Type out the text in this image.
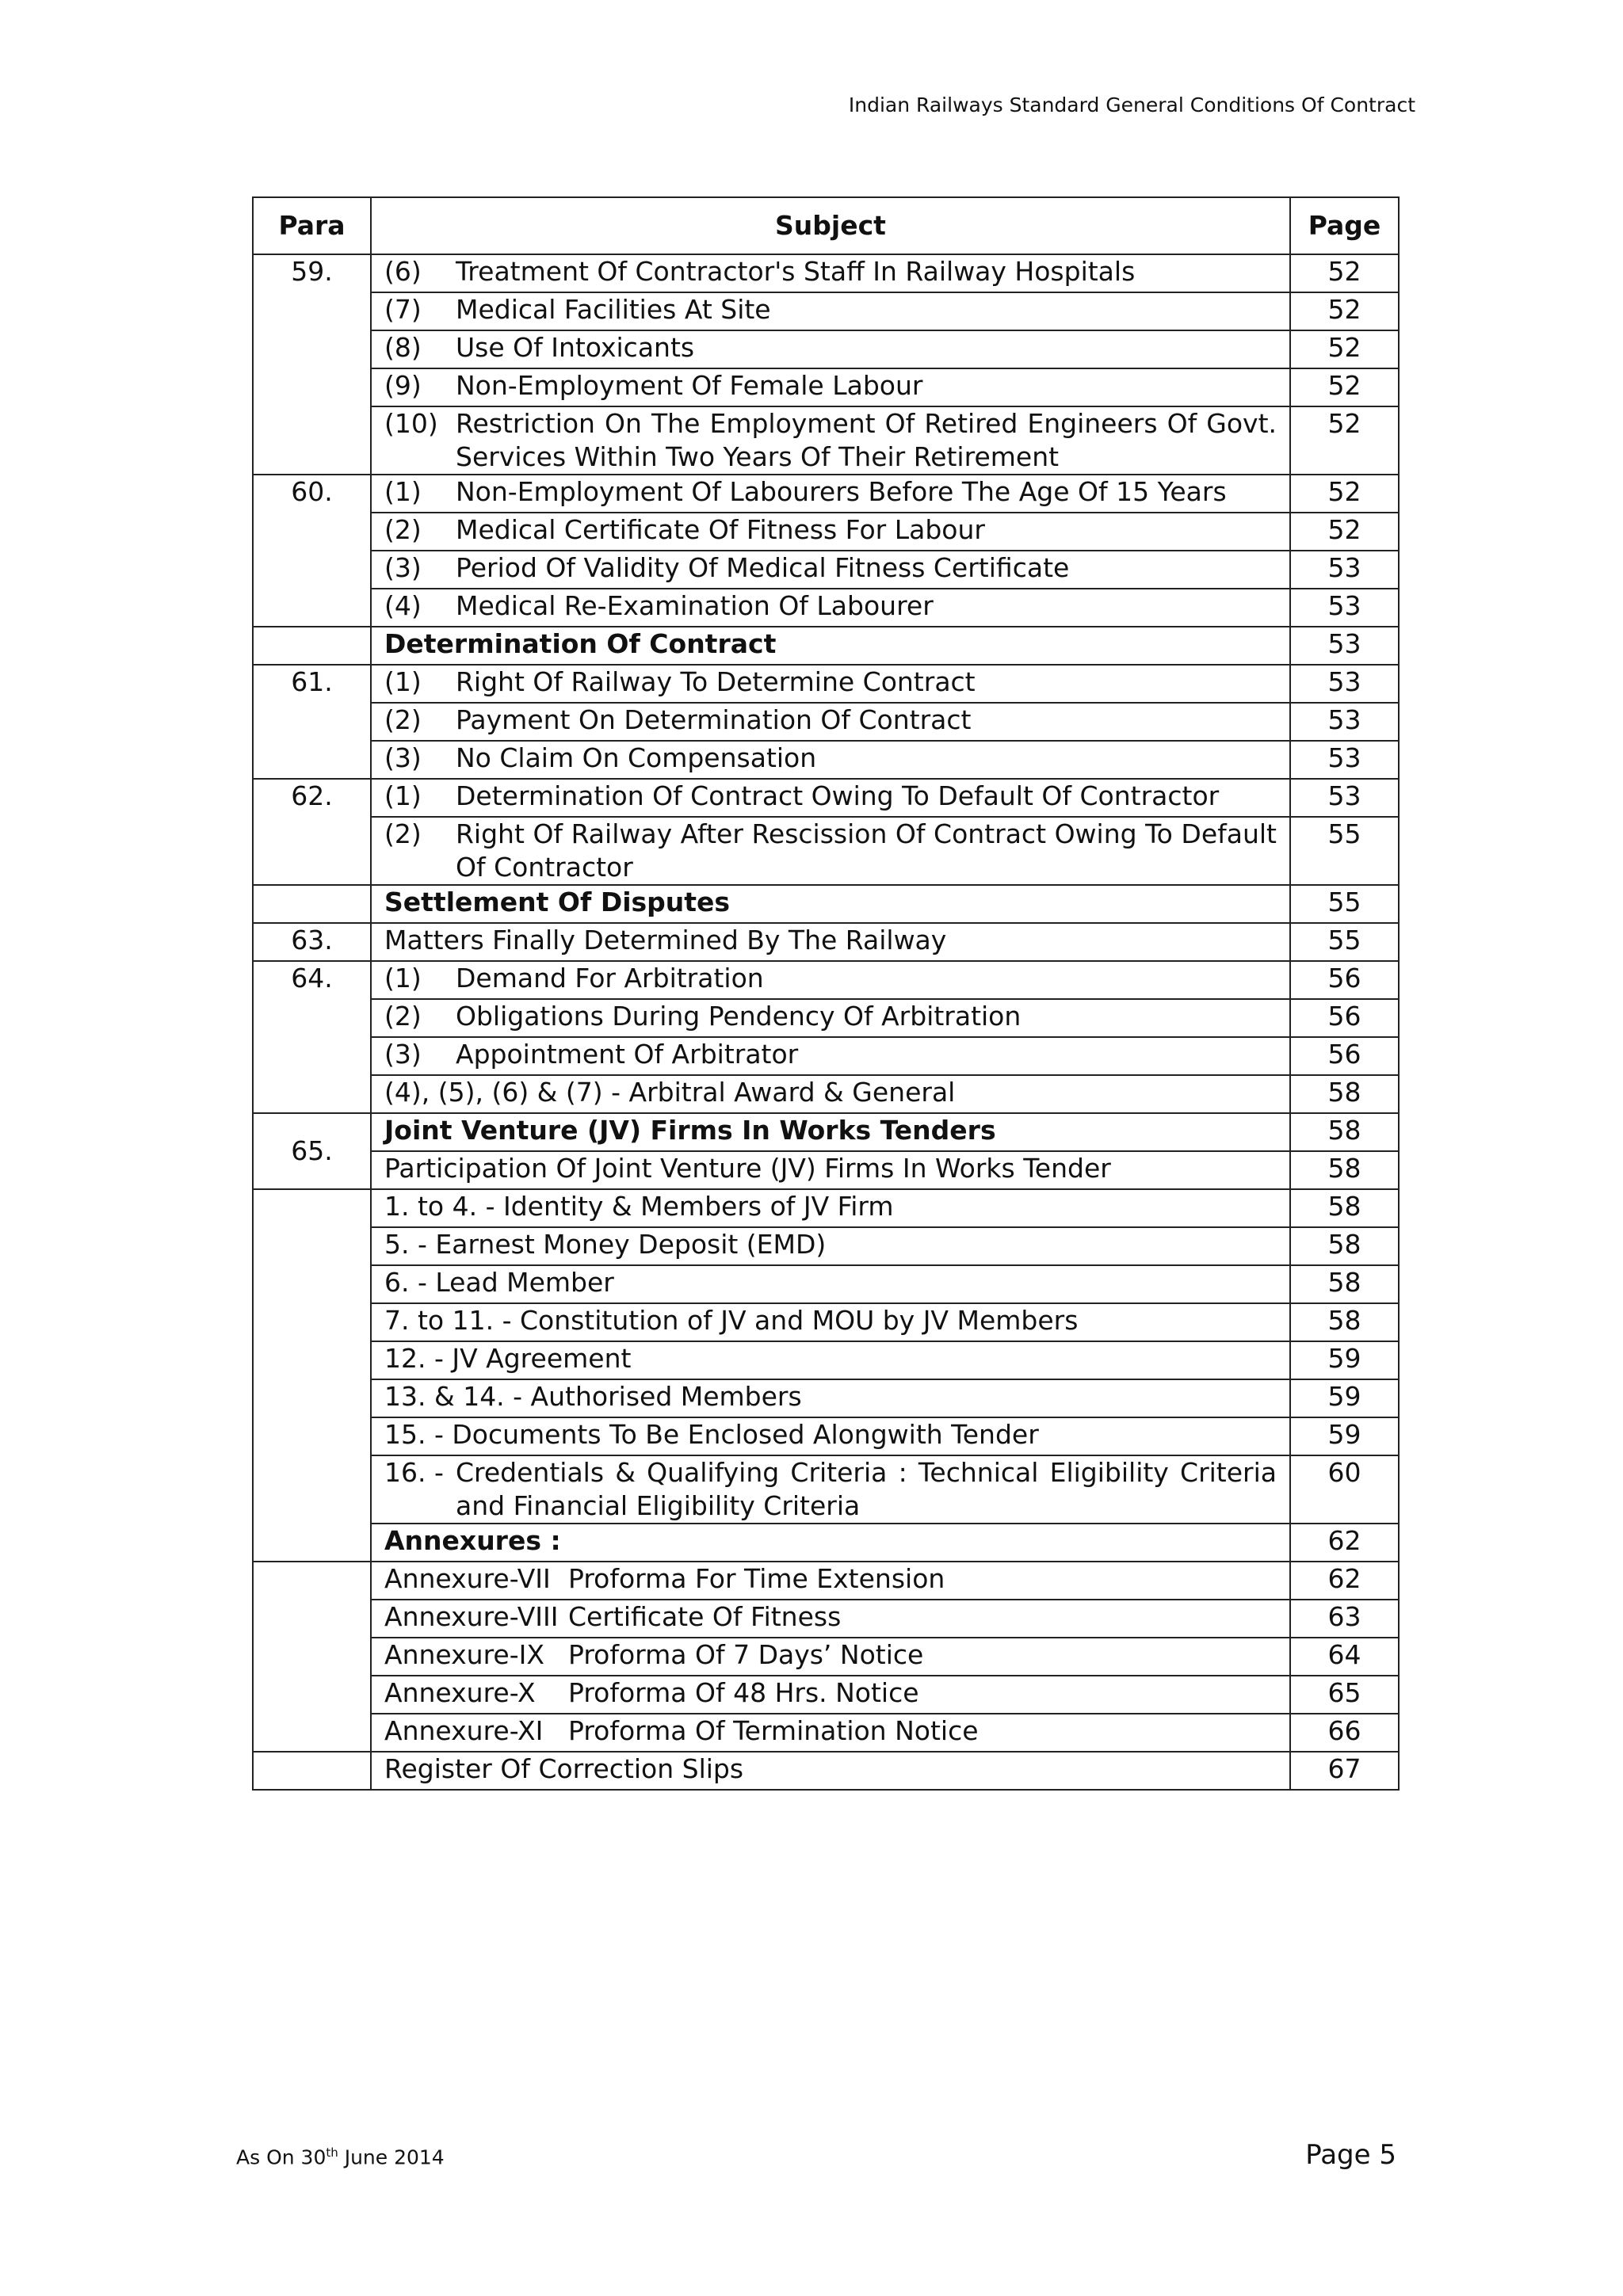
Indian Railways Standard General Conditions Of Contract
Para	Subject	Page
59.	(6) Treatment Of Contractor's Staff In Railway Hospitals	52
	(7) Medical Facilities At Site	52
	(8) Use Of Intoxicants	52
	(9) Non-Employment Of Female Labour	52

	(10) Restriction On The Employment Of Retired Engineers Of Govt. Services Within Two Years Of Their Retirement	52
60.	(1) Non-Employment Of Labourers Before The Age Of 15 Years	52
	(2) Medical Certificate Of Fitness For Labour	52
	(3) Period Of Validity Of Medical Fitness Certificate	53
	(4) Medical Re-Examination Of Labourer	53
	Determination Of Contract	53
61.	(1) Right Of Railway To Determine Contract	53
	(2) Payment On Determination Of Contract	53
	(3) No Claim On Compensation	53
62.	(1) Determination Of Contract Owing To Default Of Contractor	53

	(2) Right Of Railway After Rescission Of Contract Owing To Default Of Contractor	55
	Settlement Of Disputes	55
63.	Matters Finally Determined By The Railway	55
64.	(1) Demand For Arbitration	56
	(2) Obligations During Pendency Of Arbitration	56
	(3) Appointment Of Arbitrator	56
	(4), (5), (6) & (7) - Arbitral Award & General	58
65.	Joint Venture (JV) Firms In Works Tenders	58
	Participation Of Joint Venture (JV) Firms In Works Tender	58
	1. to 4. - Identity & Members of JV Firm	58
	5. - Earnest Money Deposit (EMD)	58
	6. - Lead Member	58
	7. to 11. - Constitution of JV and MOU by JV Members	58
	12. - JV Agreement	59
	13. & 14. - Authorised Members	59
	15. - Documents To Be Enclosed Alongwith Tender	59

	16. - Credentials & Qualifying Criteria : Technical Eligibility Criteria and Financial Eligibility Criteria	60
	Annexures :	62
	Annexure-VII Proforma For Time Extension	62
	Annexure-VIII Certificate Of Fitness	63
	Annexure-IX Proforma Of 7 Days’ Notice	64
	Annexure-X Proforma Of 48 Hrs. Notice	65
	Annexure-XI Proforma Of Termination Notice	66
	Register Of Correction Slips	67
As On 30th June 2014	Page 5
